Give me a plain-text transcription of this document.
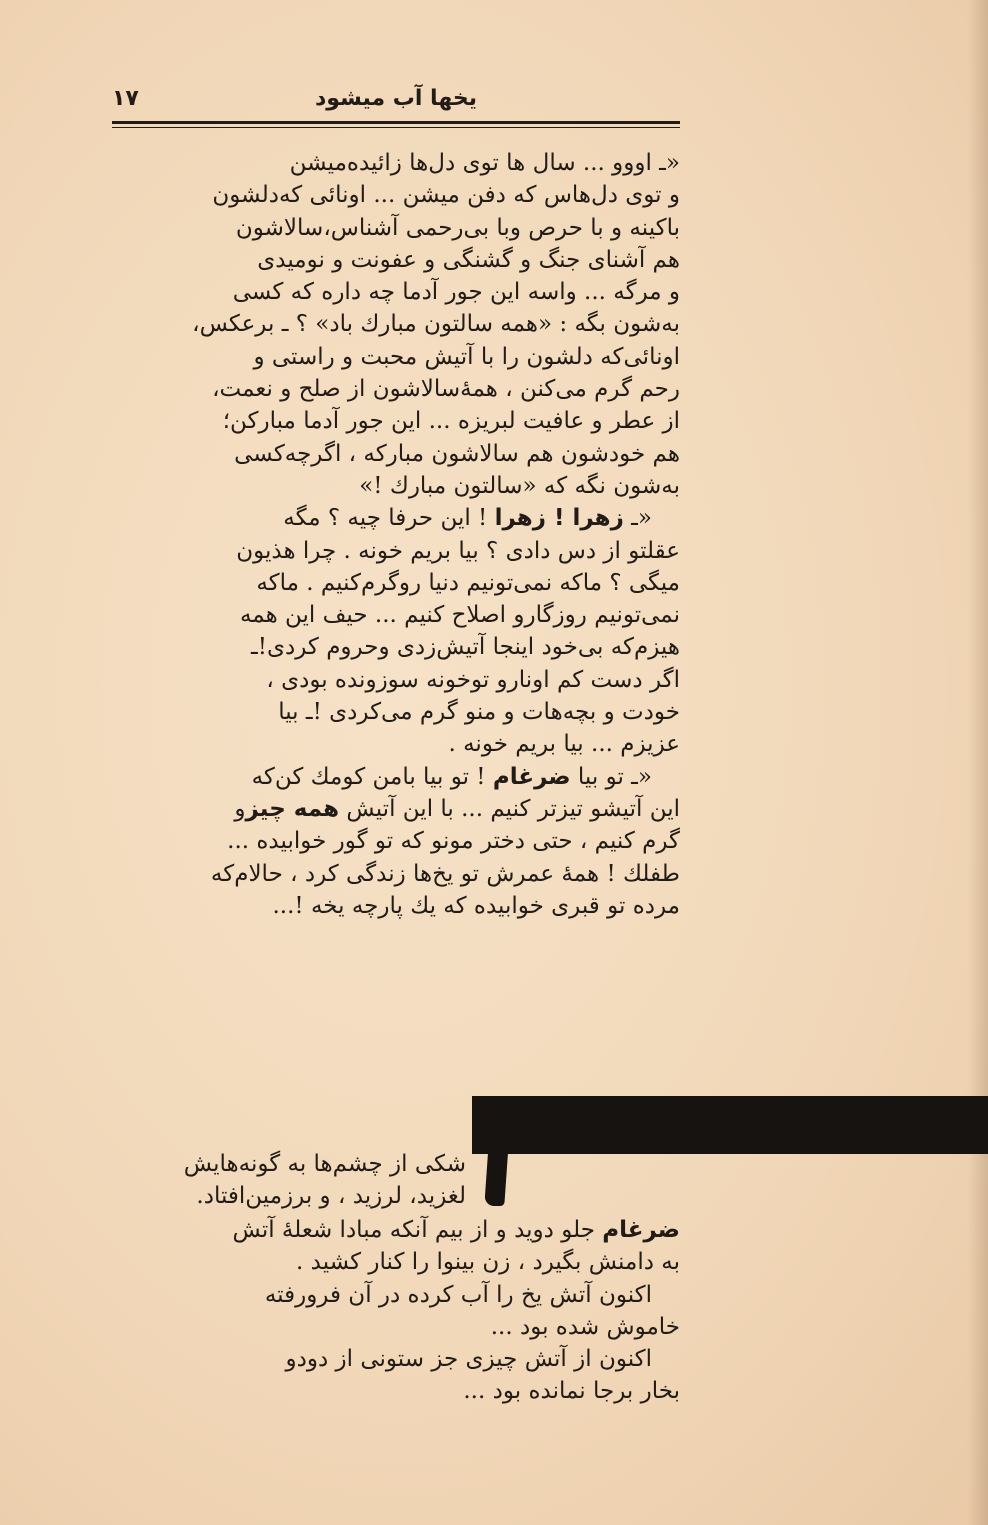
۱۷	یخها آب میشود

«ـ اووو ... سال ها توی دل‌ها زائیده‌میشن
و توی دل‌هاس که دفن میشن ... اونائی که‌دلشون
باکینه و با حرص وبا بی‌رحمی آشناس،سالاشون
هم آشنای جنگ و گشنگی و عفونت و نومیدی
و مرگه ... واسه این جور آدما چه داره که کسی
به‌شون بگه : «همه سالتون مبارك باد» ؟ ـ برعکس،
اونائی‌که دلشون را با آتیش محبت و راستی و
رحم گرم می‌کنن ، همهٔ‌سالاشون از صلح و نعمت،
از عطر و عافیت لبریزه ... این جور آدما مبارکن؛
هم خودشون هم سالاشون مبارکه ، اگرچه‌کسی
به‌شون نگه که «سالتون مبارك !»

«ـ زهرا ! زهرا ! این حرفا چیه ؟ مگه
عقلتو از دس دادی ؟ بیا بریم خونه . چرا هذیون
میگی ؟ ماکه نمی‌تونیم دنیا روگرم‌کنیم . ماکه
نمی‌تونیم روزگارو اصلاح کنیم ... حیف این همه
هیزم‌که بی‌خود اینجا آتیش‌زدی وحروم کردی!ـ
اگر دست کم اونارو توخونه سوزونده بودی ،
خودت و بچه‌هات و منو گرم می‌کردی !ـ بیا
عزیزم ... بیا بریم خونه .

«ـ تو بیا ضرغام ! تو بیا بامن کومك کن‌که
این آتیشو تیزتر کنیم ... با این آتیش همه چیزو
گرم کنیم ، حتی دختر مونو که تو گور خوابیده ...
طفلك ! همهٔ عمرش تو یخ‌ها زندگی کرد ، حالام‌که
مرده تو قبری خوابیده که یك پارچه یخه !...

شکی از چشم‌ها به گونه‌هایش
لغزید، لرزید ، و برزمین‌افتاد.

ضرغام جلو دوید و از بیم آنکه مبادا شعلهٔ آتش
به دامنش بگیرد ، زن بینوا را کنار کشید .

اکنون آتش یخ را آب کرده در آن فرورفته
خاموش شده بود ...

اکنون از آتش چیزی جز ستونی از دودو
بخار برجا نمانده بود ...
